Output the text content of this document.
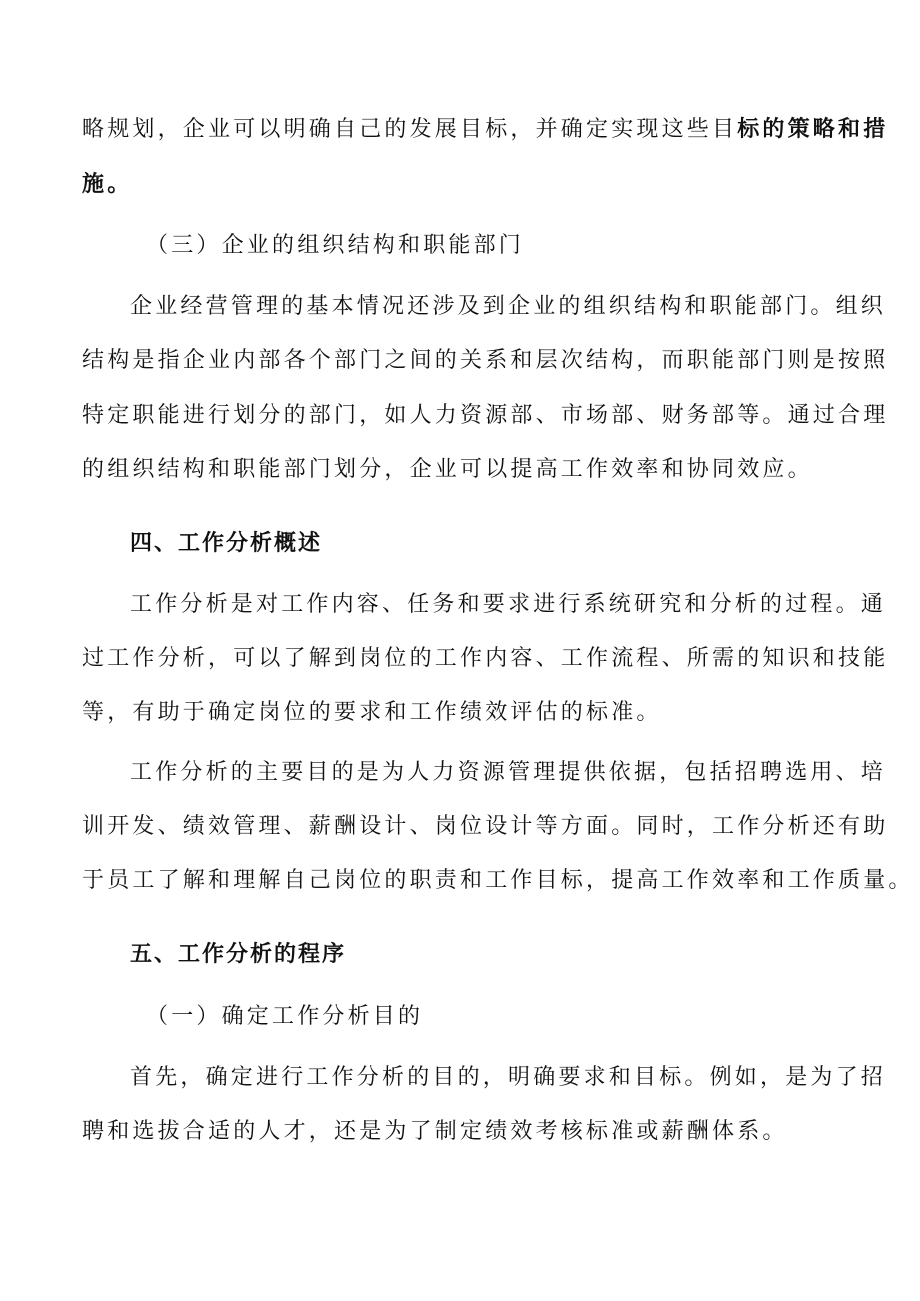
略规划，企业可以明确自己的发展目标，并确定实现这些目标的策略和措
施。
（三）企业的组织结构和职能部门
企业经营管理的基本情况还涉及到企业的组织结构和职能部门。组织
结构是指企业内部各个部门之间的关系和层次结构，而职能部门则是按照
特定职能进行划分的部门，如人力资源部、市场部、财务部等。通过合理
的组织结构和职能部门划分，企业可以提高工作效率和协同效应。
四、工作分析概述
工作分析是对工作内容、任务和要求进行系统研究和分析的过程。通
过工作分析，可以了解到岗位的工作内容、工作流程、所需的知识和技能
等，有助于确定岗位的要求和工作绩效评估的标准。
工作分析的主要目的是为人力资源管理提供依据，包括招聘选用、培
训开发、绩效管理、薪酬设计、岗位设计等方面。同时，工作分析还有助
于员工了解和理解自己岗位的职责和工作目标，提高工作效率和工作质量。
五、工作分析的程序
（一）确定工作分析目的
首先，确定进行工作分析的目的，明确要求和目标。例如，是为了招
聘和选拔合适的人才，还是为了制定绩效考核标准或薪酬体系。
